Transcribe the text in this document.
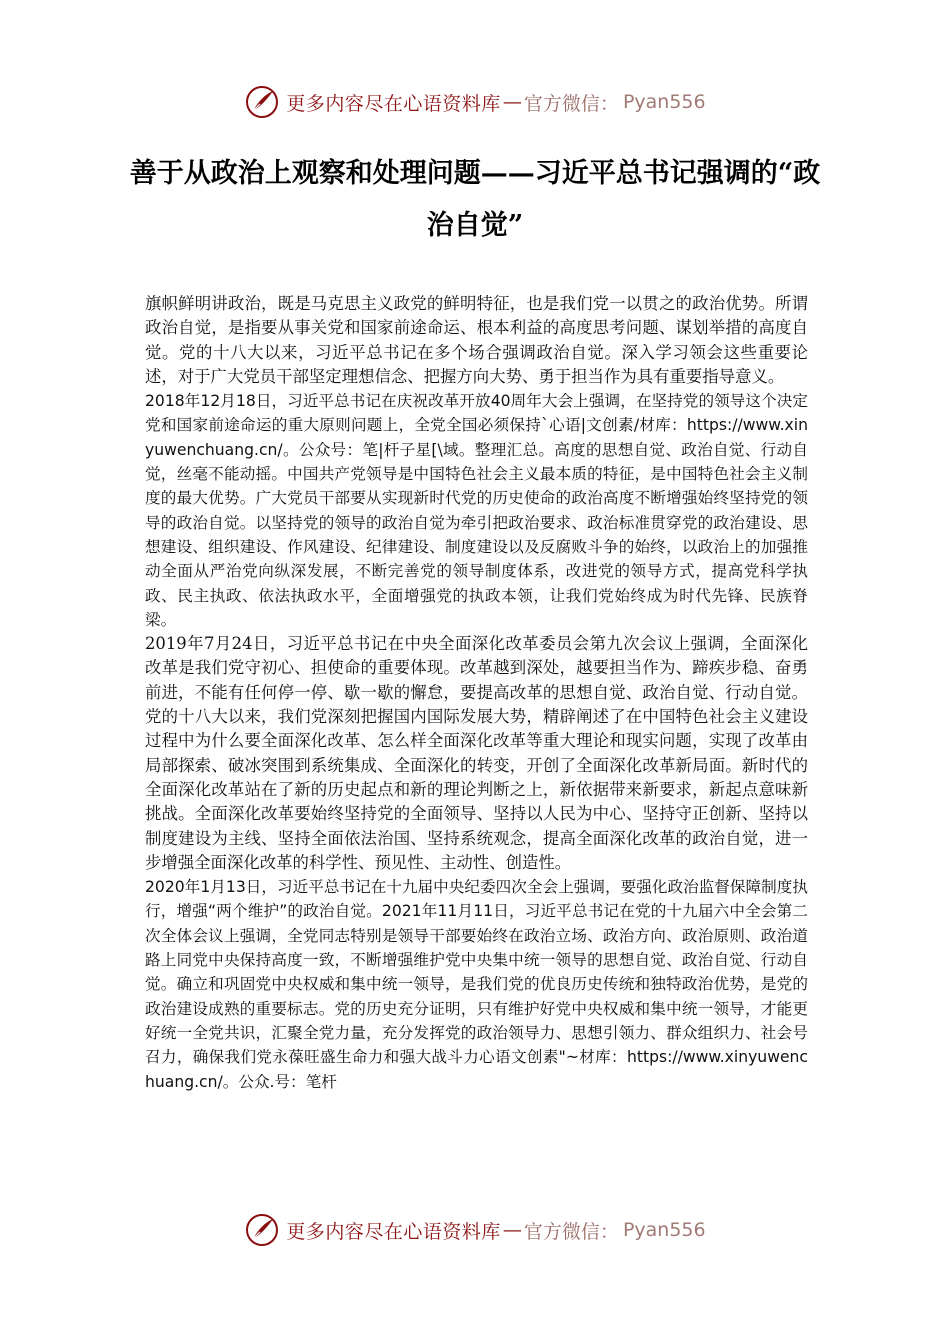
更多内容尽在心语资料库 — 官方微信： Pyan556
善于从政治上观察和处理问题——习近平总书记强调的“政治自觉”

旗帜鲜明讲政治，既是马克思主义政党的鲜明特征，也是我们党一以贯之的政治优势。所谓政治自觉，是指要从事关党和国家前途命运、根本利益的高度思考问题、谋划举措的高度自觉。党的十八大以来，习近平总书记在多个场合强调政治自觉。深入学习领会这些重要论述，对于广大党员干部坚定理想信念、把握方向大势、勇于担当作为具有重要指导意义。

2018年12月18日，习近平总书记在庆祝改革开放40周年大会上强调，在坚持党的领导这个决定党和国家前途命运的重大原则问题上，全党全国必须保持`心语|文创素/材库：https://www.xinyuwenchuang.cn/。公众号：笔|杆子星[\域。整理汇总。高度的思想自觉、政治自觉、行动自觉，丝毫不能动摇。中国共产党领导是中国特色社会主义最本质的特征，是中国特色社会主义制度的最大优势。广大党员干部要从实现新时代党的历史使命的政治高度不断增强始终坚持党的领导的政治自觉。以坚持党的领导的政治自觉为牵引把政治要求、政治标准贯穿党的政治建设、思想建设、组织建设、作风建设、纪律建设、制度建设以及反腐败斗争的始终，以政治上的加强推动全面从严治党向纵深发展，不断完善党的领导制度体系，改进党的领导方式，提高党科学执政、民主执政、依法执政水平，全面增强党的执政本领，让我们党始终成为时代先锋、民族脊梁。

2019年7月24日，习近平总书记在中央全面深化改革委员会第九次会议上强调，全面深化改革是我们党守初心、担使命的重要体现。改革越到深处，越要担当作为、蹄疾步稳、奋勇前进，不能有任何停一停、歇一歇的懈怠，要提高改革的思想自觉、政治自觉、行动自觉。党的十八大以来，我们党深刻把握国内国际发展大势，精辟阐述了在中国特色社会主义建设过程中为什么要全面深化改革、怎么样全面深化改革等重大理论和现实问题，实现了改革由局部探索、破冰突围到系统集成、全面深化的转变，开创了全面深化改革新局面。新时代的全面深化改革站在了新的历史起点和新的理论判断之上，新依据带来新要求，新起点意味新挑战。全面深化改革要始终坚持党的全面领导、坚持以人民为中心、坚持守正创新、坚持以制度建设为主线、坚持全面依法治国、坚持系统观念，提高全面深化改革的政治自觉，进一步增强全面深化改革的科学性、预见性、主动性、创造性。

2020年1月13日，习近平总书记在十九届中央纪委四次全会上强调，要强化政治监督保障制度执行，增强“两个维护”的政治自觉。2021年11月11日，习近平总书记在党的十九届六中全会第二次全体会议上强调，全党同志特别是领导干部要始终在政治立场、政治方向、政治原则、政治道路上同党中央保持高度一致，不断增强维护党中央集中统一领导的思想自觉、政治自觉、行动自觉。确立和巩固党中央权威和集中统一领导，是我们党的优良历史传统和独特政治优势，是党的政治建设成熟的重要标志。党的历史充分证明，只有维护好党中央权威和集中统一领导，才能更好统一全党共识，汇聚全党力量，充分发挥党的政治领导力、思想引领力、群众组织力、社会号召力，确保我们党永葆旺盛生命力和强大战斗力心语文创素"~材库：https://www.xinyuwenchuang.cn/。公众.号：笔杆

更多内容尽在心语资料库 — 官方微信： Pyan556
